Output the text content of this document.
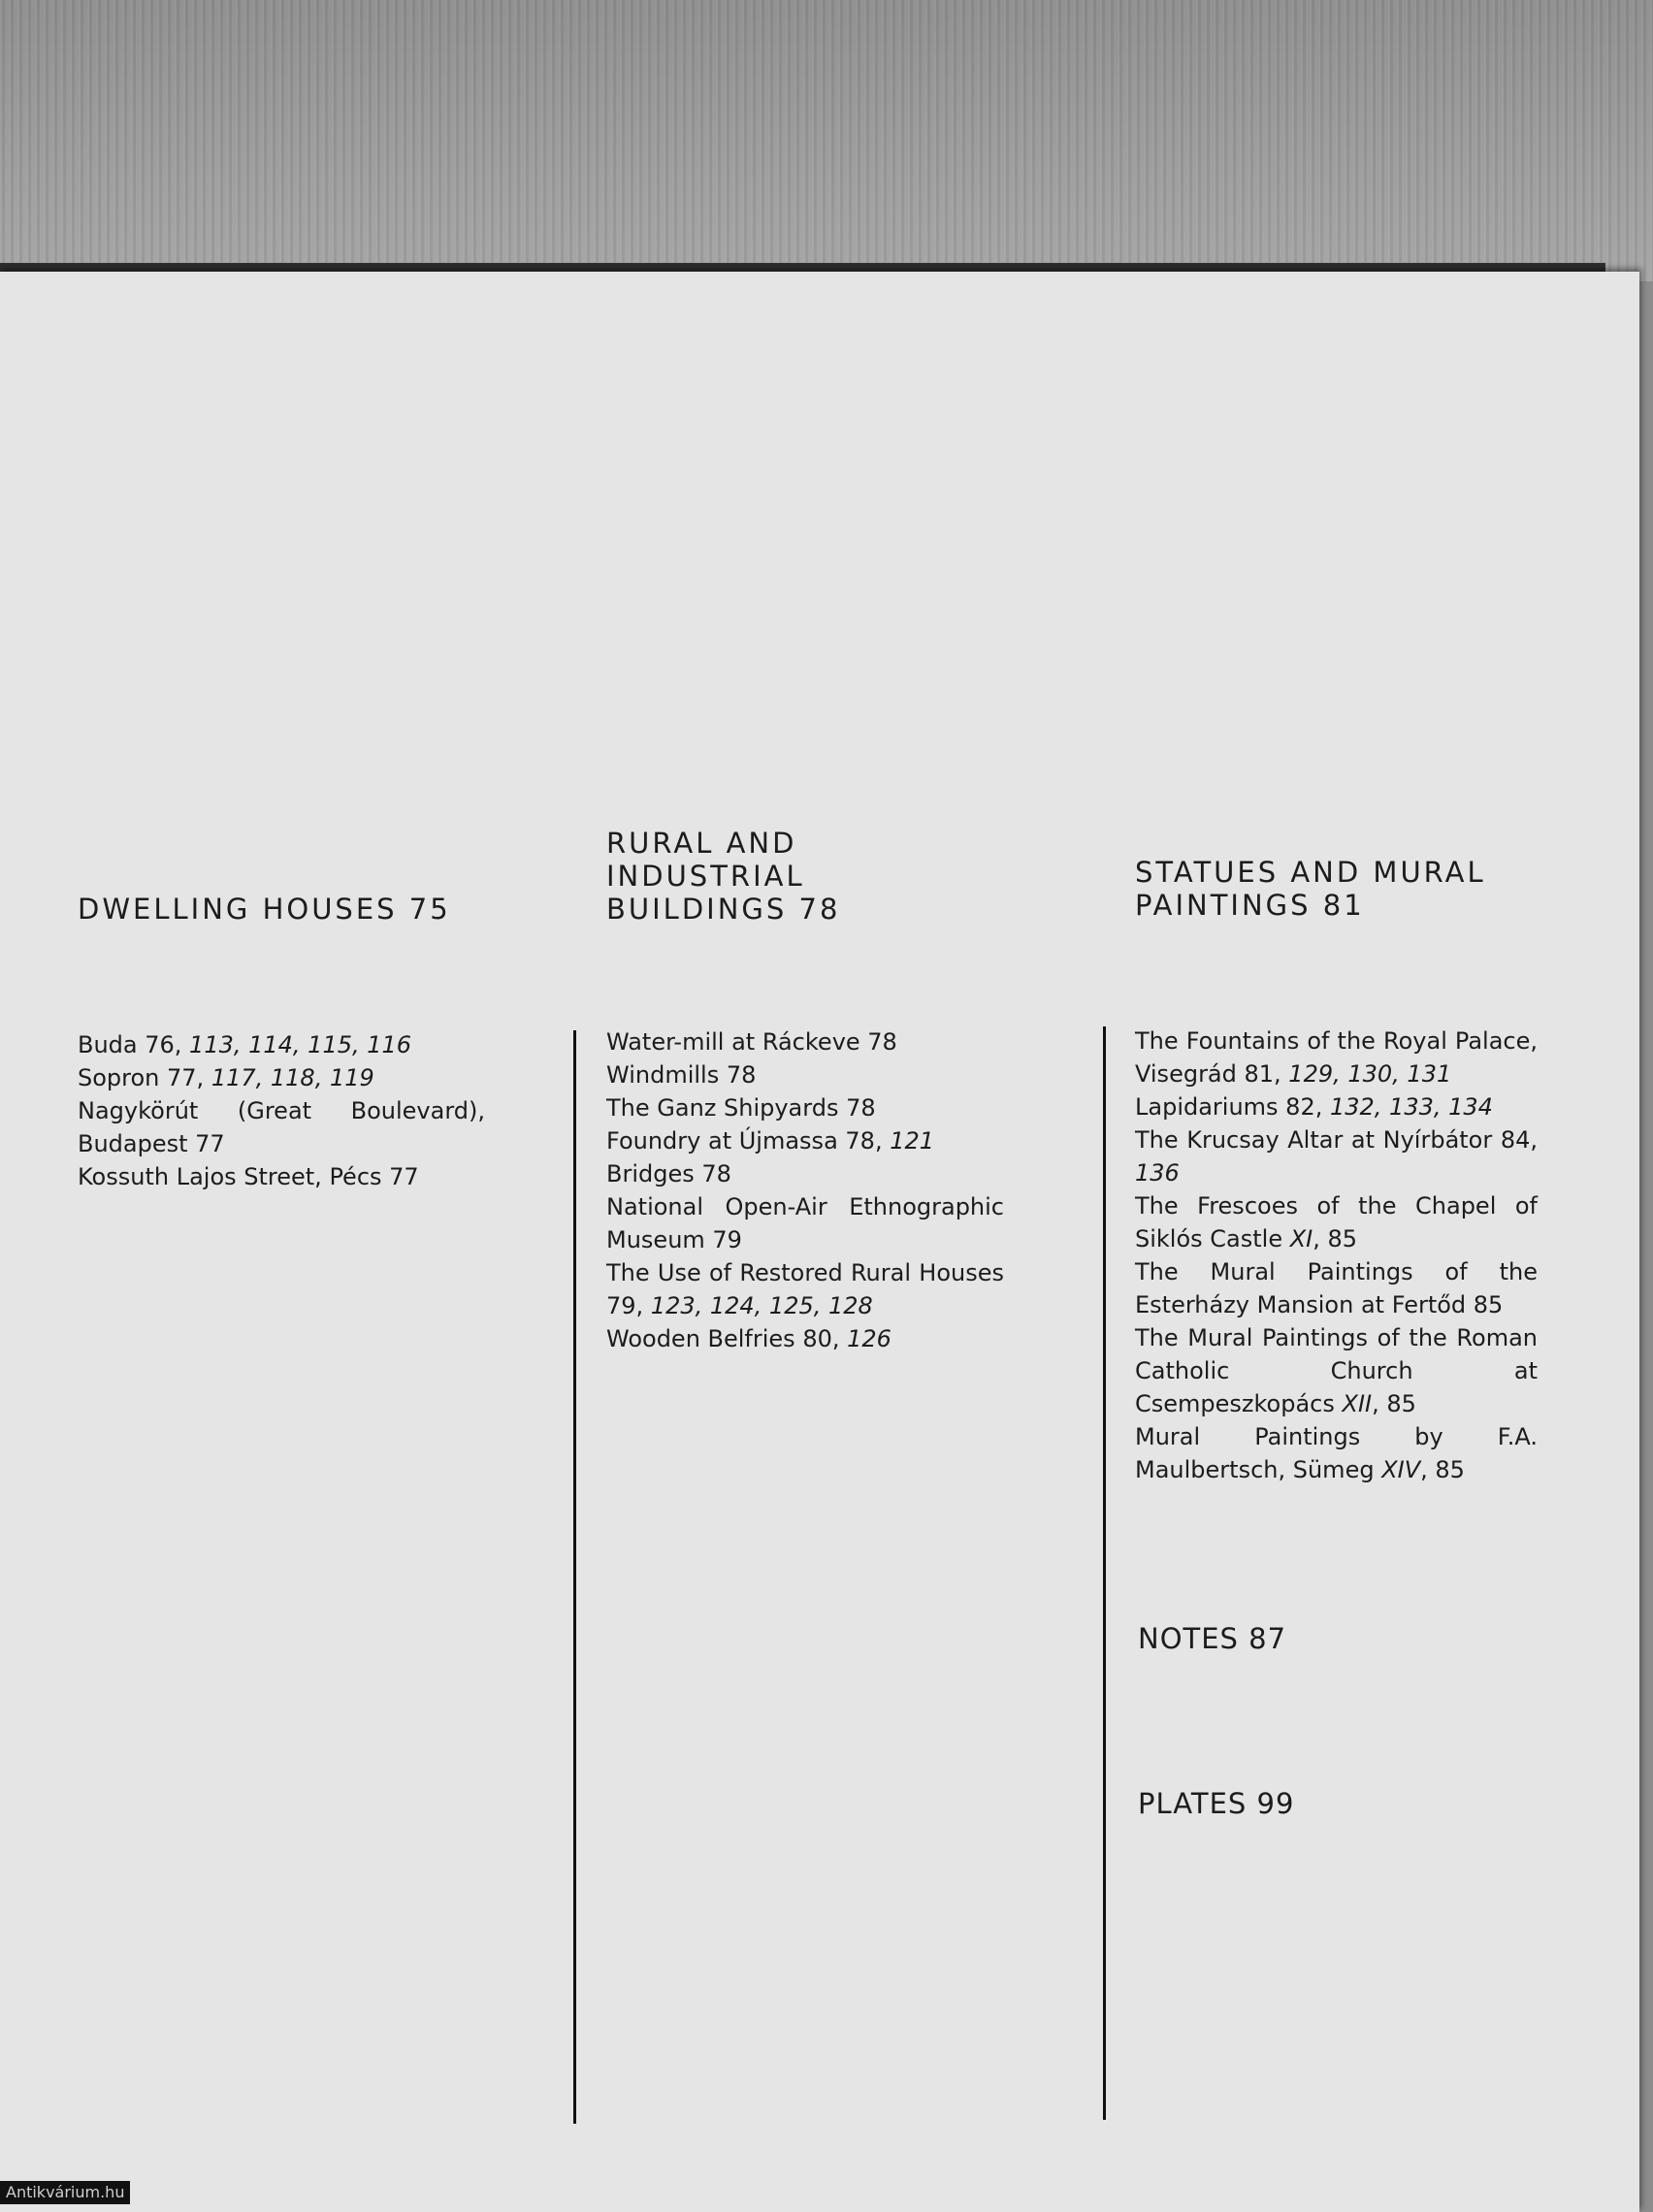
DWELLING HOUSES 75

Buda 76, 113, 114, 115, 116

Sopron 77, 117, 118, 119

Nagykörút (Great Boulevard), Budapest 77

Kossuth Lajos Street, Pécs 77

RURAL AND
INDUSTRIAL
BUILDINGS 78

Water-mill at Ráckeve 78

Windmills 78

The Ganz Shipyards 78

Foundry at Újmassa 78, 121

Bridges 78

National Open-Air Ethnographic Museum 79

The Use of Restored Rural Houses 79, 123, 124, 125, 128

Wooden Belfries 80, 126

STATUES AND MURAL
PAINTINGS 81

The Fountains of the Royal Palace, Visegrád 81, 129, 130, 131

Lapidariums 82, 132, 133, 134

The Krucsay Altar at Nyírbátor 84, 136

The Frescoes of the Chapel of Siklós Castle XI, 85

The Mural Paintings of the Esterházy Mansion at Fertőd 85

The Mural Paintings of the Roman Catholic Church at Csempeszkopács XII, 85

Mural Paintings by F.A. Maulbertsch, Sümeg XIV, 85

NOTES 87
PLATES 99
Antikvárium.hu
